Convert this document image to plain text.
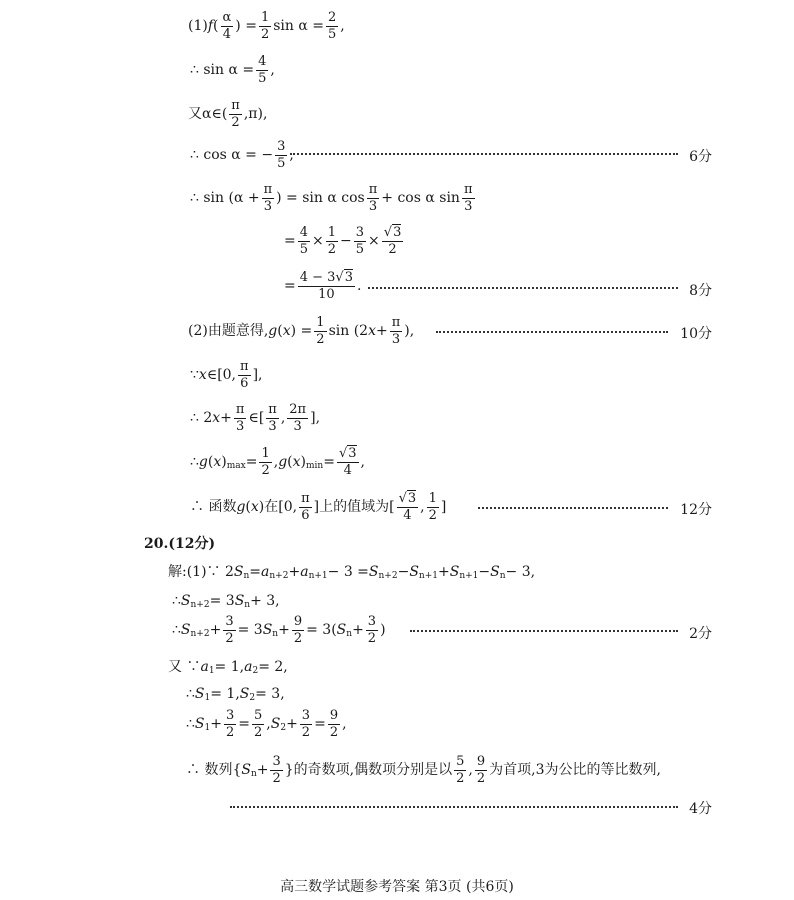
(1) f ( $\frac{\alpha}{4}$ ) = $\frac{1}{2}$ $\sin \alpha = \frac{2}{5}$ ,
∴ $\sin \alpha = \frac{4}{5}$ ,
又α∈( $\frac{\pi}{2} ,\pi$),
∴ cos α = − $\frac{3}{5}$ ,	6分
∴ $\sin (\alpha + \frac{\pi}{3}$ ) = sin α $\cos \frac{\pi}{3} + \cos \alpha$ $\sin \frac{\pi}{3}$
= $\frac{4}{5} \times \frac{1}{2} - \frac{3}{5} \times \frac{√3}{2}$
= $\frac{4 - 3√3}{10}$ .	8分
(2)由题意得, g ( x ) = $\frac{1}{2}$ sin (2 $x + \frac{\pi}{3}$ ),	10分
∵ x ∈[0, $\frac{\pi}{6}$ ],
∴ 2 $x + \frac{\pi}{3}$ ∈[ $\frac{\pi}{3}$ , $\frac{2\pi}{3}$ ],
∴ g ( x ) $\max = \frac{1}{2}$ , g ( x ) $\min = \frac{√3}{4}$ ,
∴ 函数 g ( x )在[0, $\frac{\pi}{6}$ ]上的值域为[ $\frac{√3}{4}$ , $\frac{1}{2}$ ]	12分
20.(12分)
解:(1)∵ 2 S n = a n+2 + a n+1 − 3 = S n+2 − S n+1 + S n+1 − S n − 3,
∴ S n+2 = 3 S n + 3,
∴ S $n+2 + \frac{3}{2} = 3$ S $n + \frac{9}{2} = 3$( S $n + \frac{3}{2}$ )	2分
又 ∵ a 1 = 1, a 2 = 2,
∴ S 1 = 1, S 2 = 3,
∴ S $1 + \frac{3}{2} = \frac{5}{2}$ , S $2 + \frac{3}{2} = \frac{9}{2}$ ,
∴ 数列{ S $n + \frac{3}{2}$ }的奇数项,偶数项分别是以 $\frac{5}{2}$ , $\frac{9}{2}$ 为首项,3为公比的等比数列,
4分
高三数学试题参考答案 第3页 (共6页)
